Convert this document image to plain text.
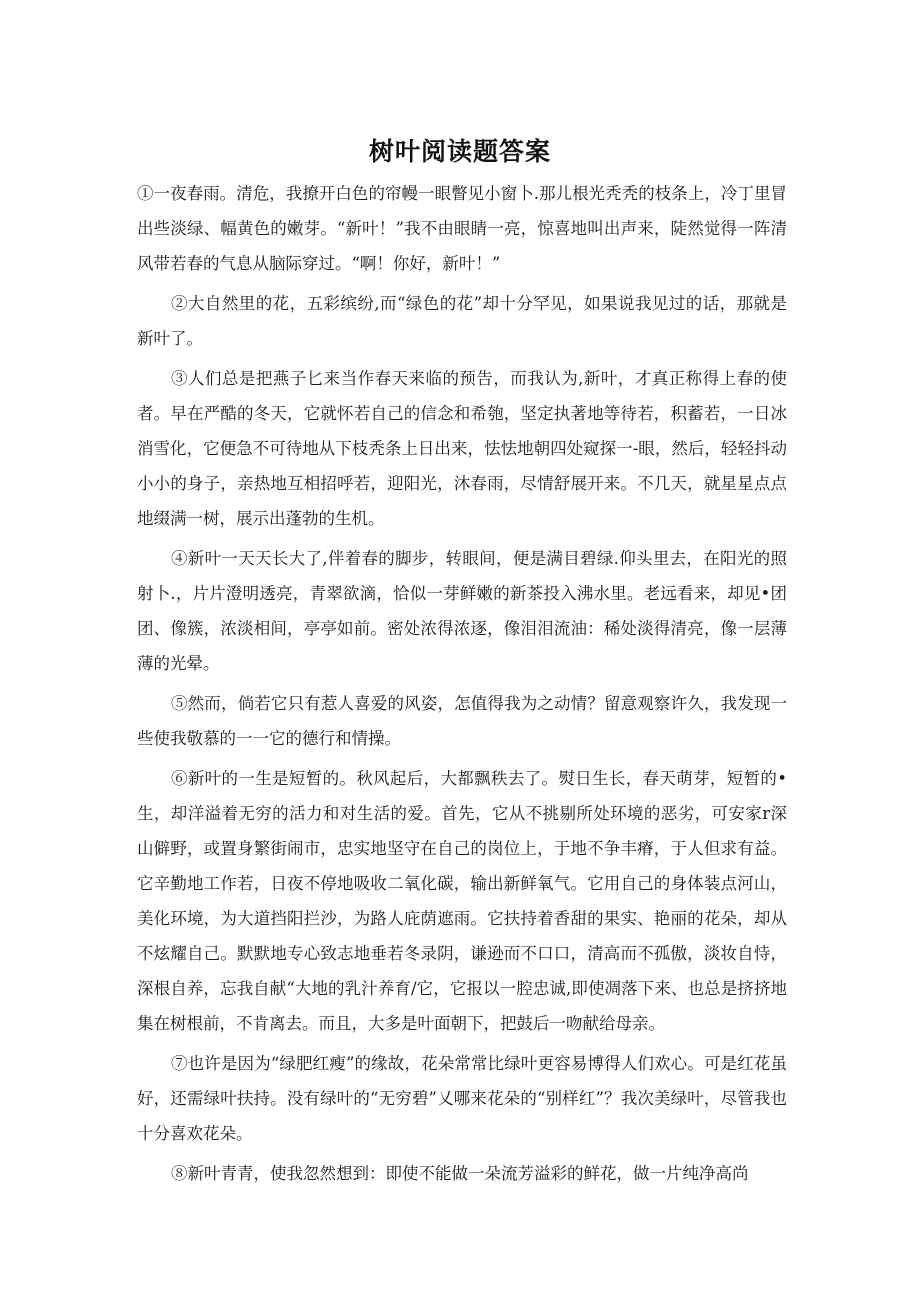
树叶阅读题答案

①一夜春雨。清危，我撩开白色的帘幔一眼瞥见小窗卜.那儿根光秃秃的枝条上，冷丁里冒出些淡绿、幅黄色的嫩芽。“新叶！”我不由眼睛一亮，惊喜地叫出声来，陡然觉得一阵清风带若春的气息从脑际穿过。“啊！你好，新叶！”

②大自然里的花，五彩缤纷,而“绿色的花”却十分罕见，如果说我见过的话，那就是新叶了。

③人们总是把燕子匕来当作春天来临的预告，而我认为,新叶，才真正称得上春的使者。早在严酷的冬天，它就怀若自己的信念和希匏，坚定执著地等待若，积蓄若，一日冰消雪化，它便急不可待地从下枝秃条上日出来，怯怯地朝四处窥探一-眼，然后，轻轻抖动小小的身子，亲热地互相招呼若，迎阳光，沐春雨，尽情舒展开来。不几天，就星星点点地缀满一树，展示出蓬勃的生机。

④新叶一天天长大了,伴着春的脚步，转眼间，便是满目碧绿.仰头里去，在阳光的照射卜.，片片澄明透亮，青翠欲滴，恰似一芽鲜嫩的新茶投入沸水里。老远看来，却见•团团、像簇，浓淡相间，亭亭如前。密处浓得浓逐，像泪泪流油：稀处淡得清亮，像一层薄薄的光晕。

⑤然而，倘若它只有惹人喜爱的风姿，怎值得我为之动情？留意观察许久，我发现一些使我敬慕的一一它的德行和情操。

⑥新叶的一生是短暂的。秋风起后，大都飘秩去了。熨日生长，春天萌芽，短暂的•生，却洋溢着无穷的活力和对生活的爱。首先，它从不挑剔所处环境的恶劣，可安家r深山僻野，或置身繁街闹市，忠实地坚守在自己的岗位上，于地不争丰瘠，于人但求有益。它辛勤地工作若，日夜不停地吸收二氧化碳，输出新鲜氧气。它用自己的身体装点河山，美化环境，为大道挡阳拦沙，为路人庇荫遮雨。它扶持着香甜的果实、艳丽的花朵，却从不炫耀自己。默默地专心致志地垂若冬录阴，谦逊而不口口，清高而不孤傲，淡妆自恃，深根自养，忘我自献“大地的乳汁养育/它，它报以一腔忠诚,即使凋落下来、也总是挤挤地集在树根前，不肯离去。而且，大多是叶面朝下，把鼓后一吻献给母亲。

⑦也许是因为“绿肥红瘦”的缘故，花朵常常比绿叶更容易博得人们欢心。可是红花虽好，还需绿叶扶持。没有绿叶的“无穷碧”乂哪来花朵的“别样红”？我次美绿叶，尽管我也十分喜欢花朵。

⑧新叶青青，使我忽然想到：即使不能做一朵流芳溢彩的鲜花，做一片纯净高尚
